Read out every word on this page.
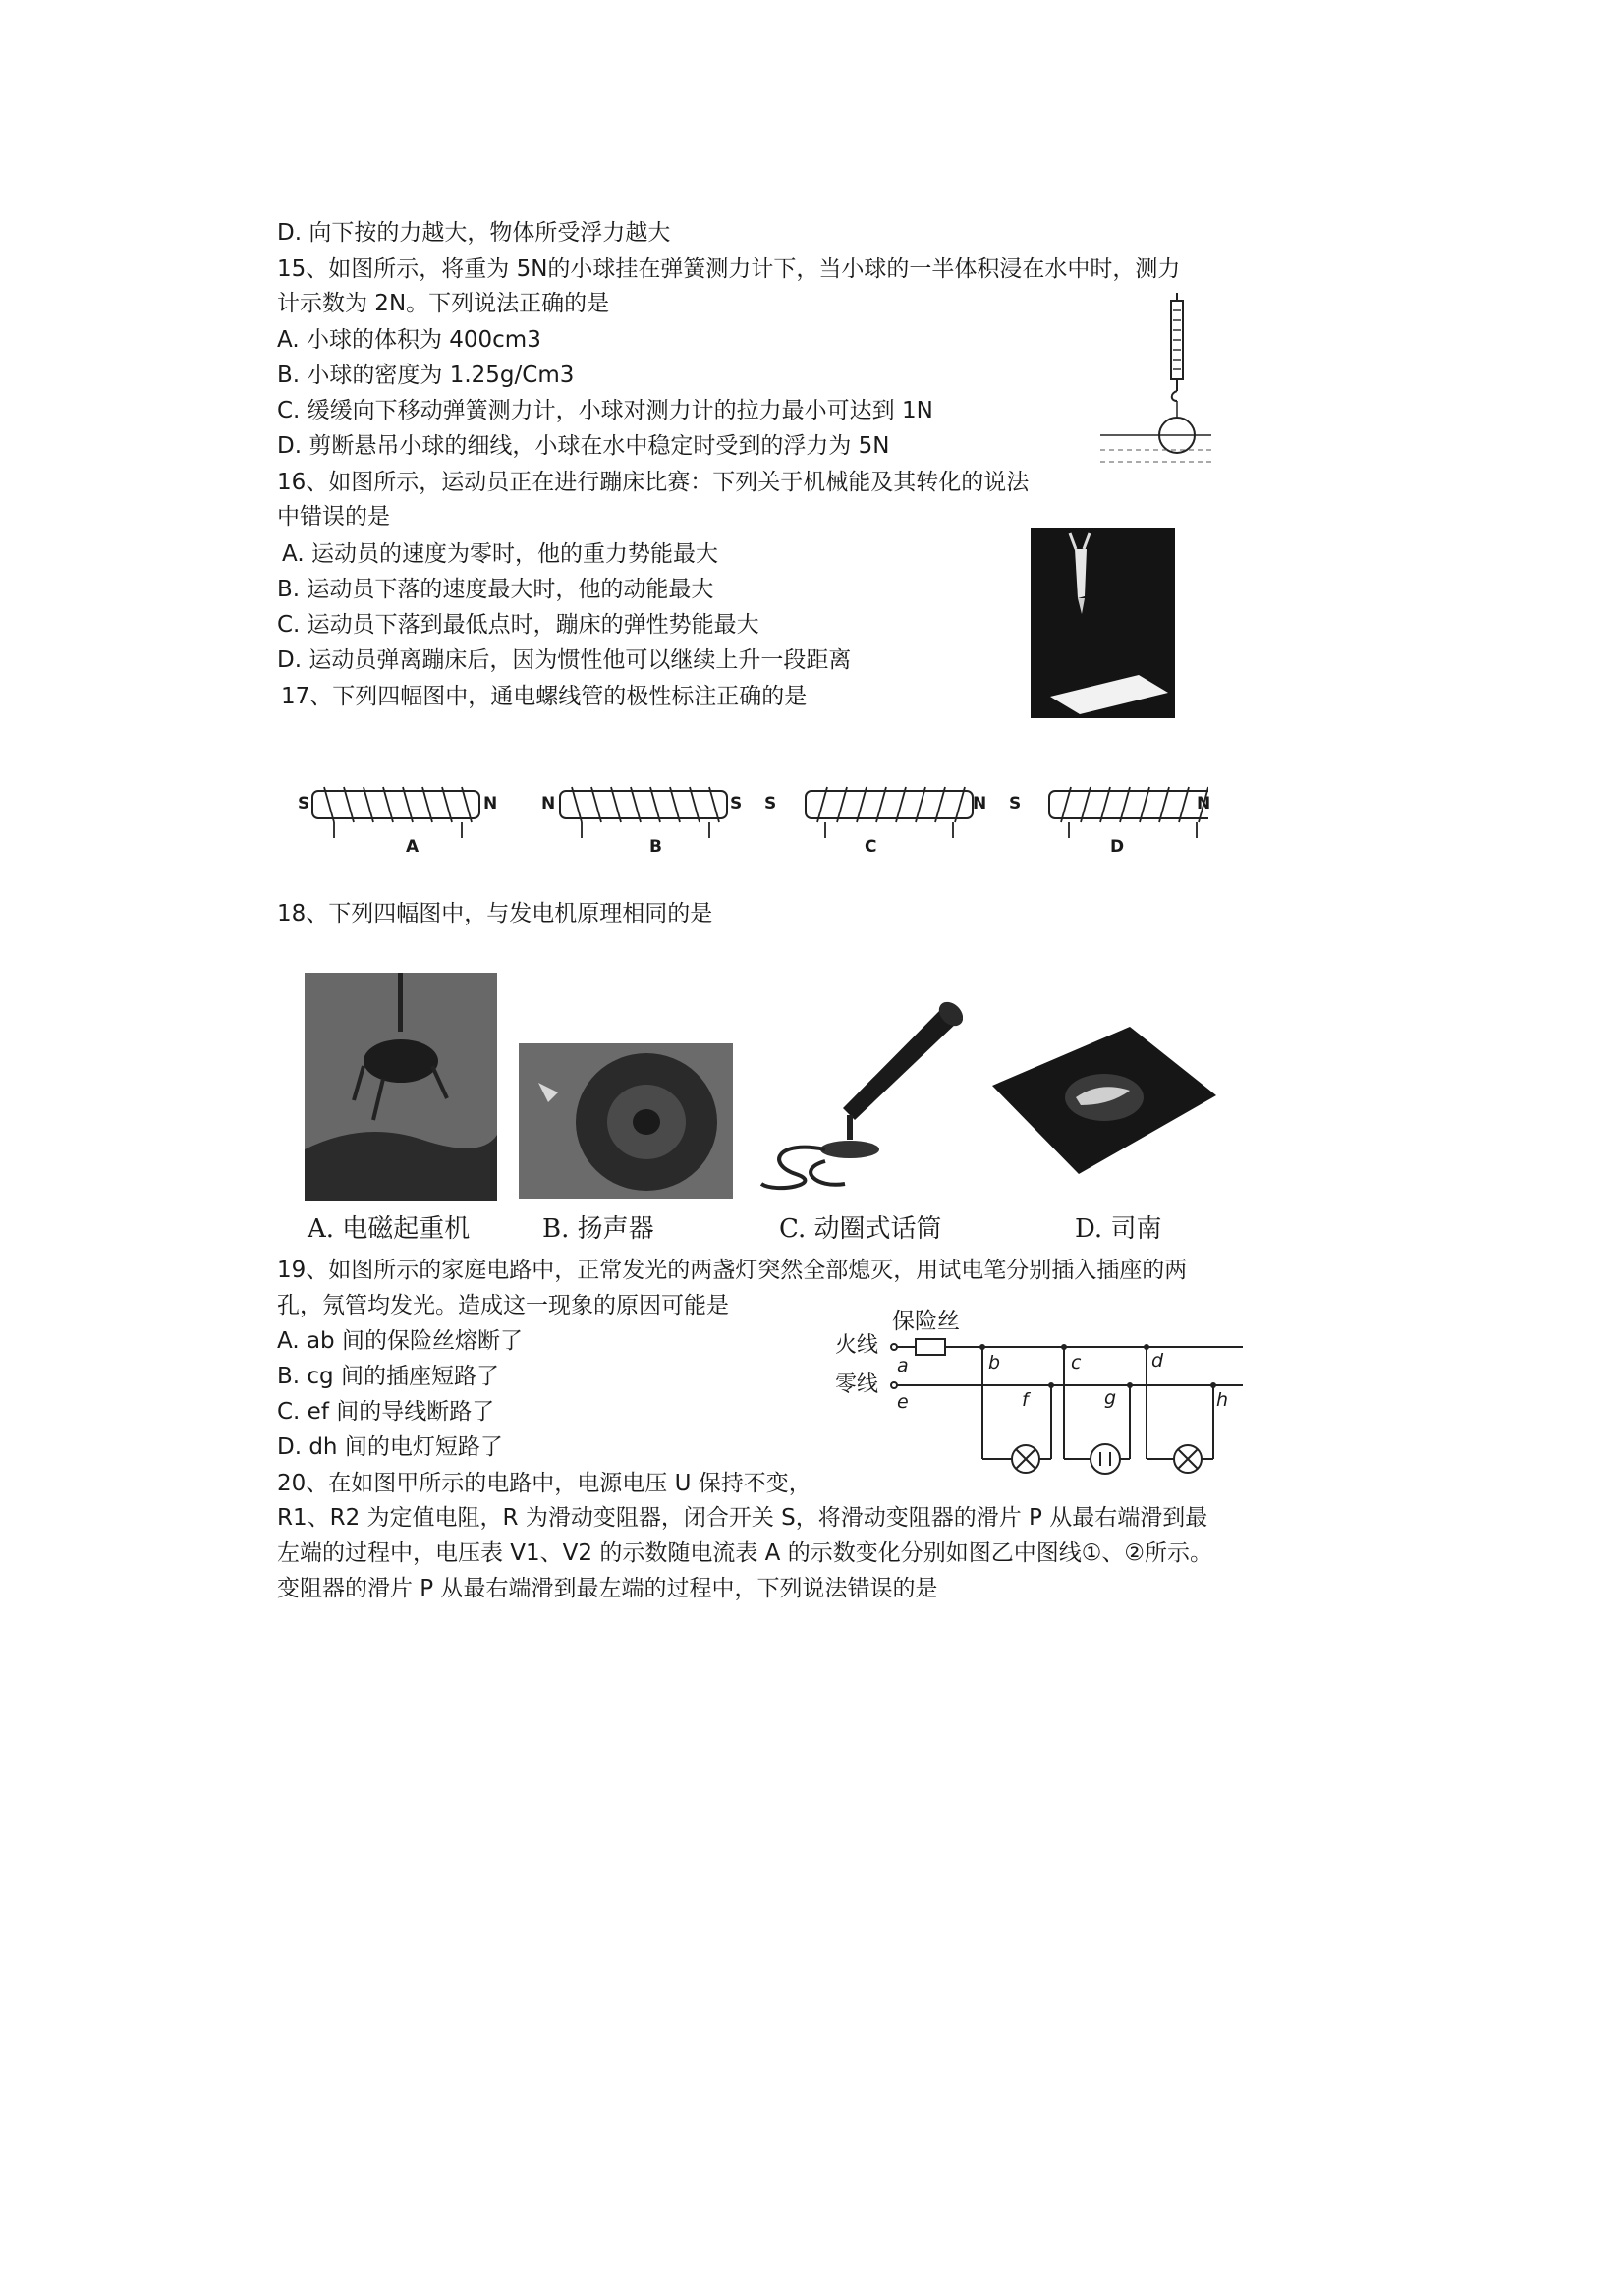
D. 向下按的力越大，物体所受浮力越大
15、如图所示，将重为 5N的小球挂在弹簧测力计下，当小球的一半体积浸在水中时，测力
计示数为 2N。下列说法正确的是
A. 小球的体积为 400cm3
B. 小球的密度为 1.25g/Cm3
C. 缓缓向下移动弹簧测力计，小球对测力计的拉力最小可达到 1N
D. 剪断悬吊小球的细线，小球在水中稳定时受到的浮力为 5N
16、如图所示，运动员正在进行蹦床比赛：下列关于机械能及其转化的说法
中错误的是
A. 运动员的速度为零时，他的重力势能最大
B. 运动员下落的速度最大时，他的动能最大
C. 运动员下落到最低点时，蹦床的弹性势能最大
D. 运动员弹离蹦床后，因为惯性他可以继续上升一段距离
17、下列四幅图中，通电螺线管的极性标注正确的是
18、下列四幅图中，与发电机原理相同的是
19、如图所示的家庭电路中，正常发光的两盏灯突然全部熄灭，用试电笔分别插入插座的两
孔，氖管均发光。造成这一现象的原因可能是
A. ab 间的保险丝熔断了
B. cg 间的插座短路了
C. ef 间的导线断路了
D. dh 间的电灯短路了
20、在如图甲所示的电路中，电源电压 U 保持不变，
R1、R2 为定值电阻，R 为滑动变阻器，闭合开关 S，将滑动变阻器的滑片 P 从最右端滑到最
左端的过程中，电压表 V1、V2 的示数随电流表 A 的示数变化分别如图乙中图线①、②所示。
变阻器的滑片 P 从最右端滑到最左端的过程中，下列说法错误的是
S	N
A
N	S
B
S	N
C
S	N
D
A. 电磁起重机	B. 扬声器	C. 动圈式话筒	D. 司南
保险丝
火线
零线
a	b	c	d
e	f	g	h
